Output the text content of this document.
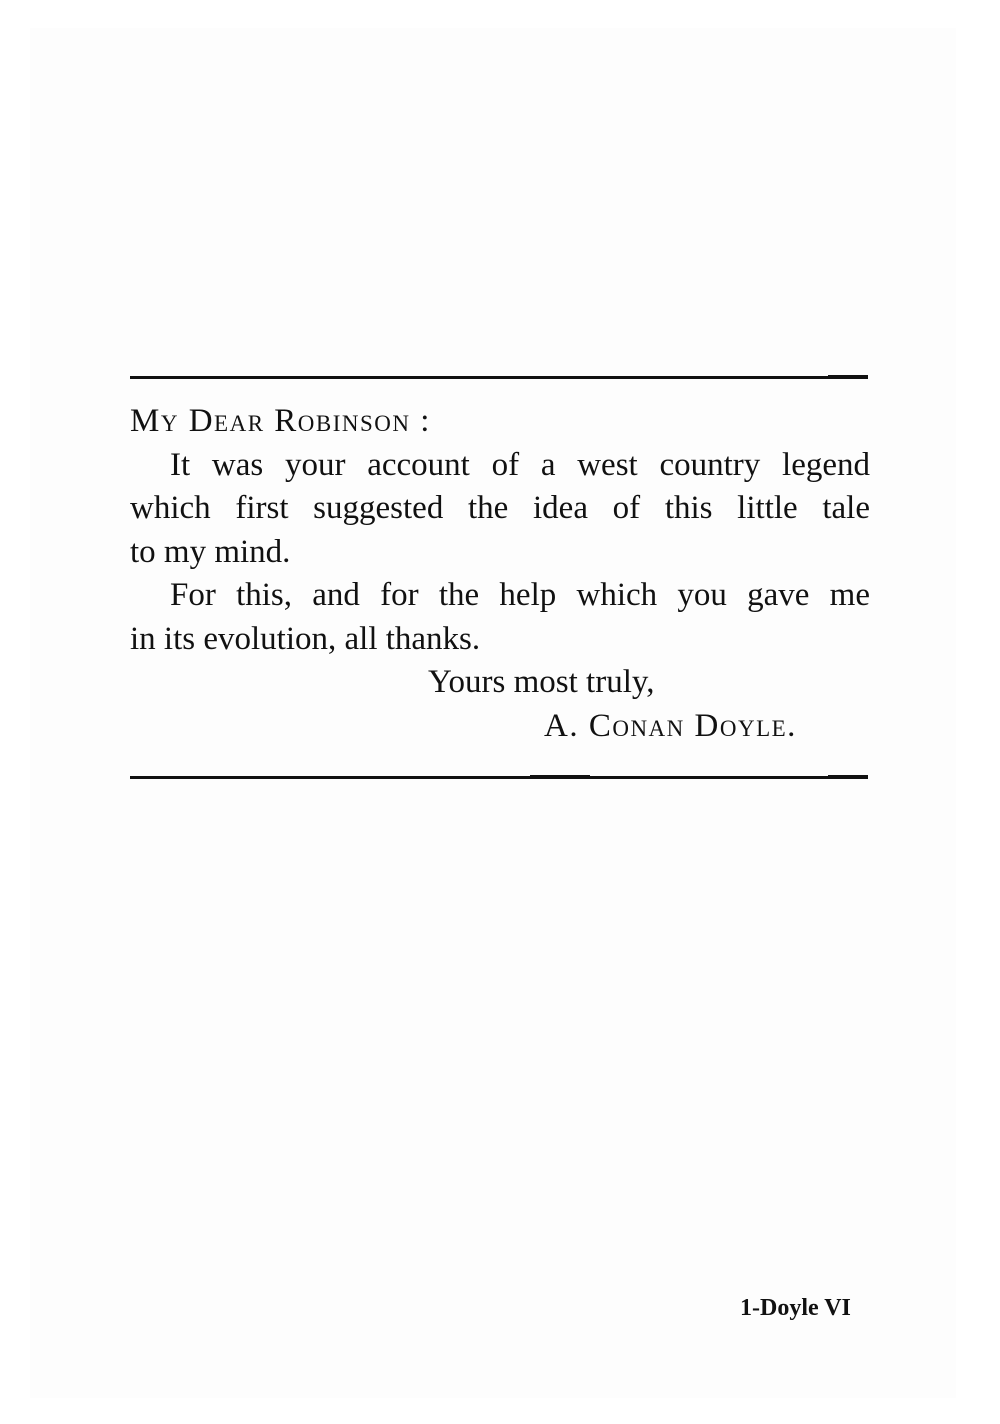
My Dear Robinson :
It was your account of a west country legend
which first suggested the idea of this little tale
to my mind.
For this, and for the help which you gave me
in its evolution, all thanks.
Yours most truly,
A. Conan Doyle.
1-Doyle VI
